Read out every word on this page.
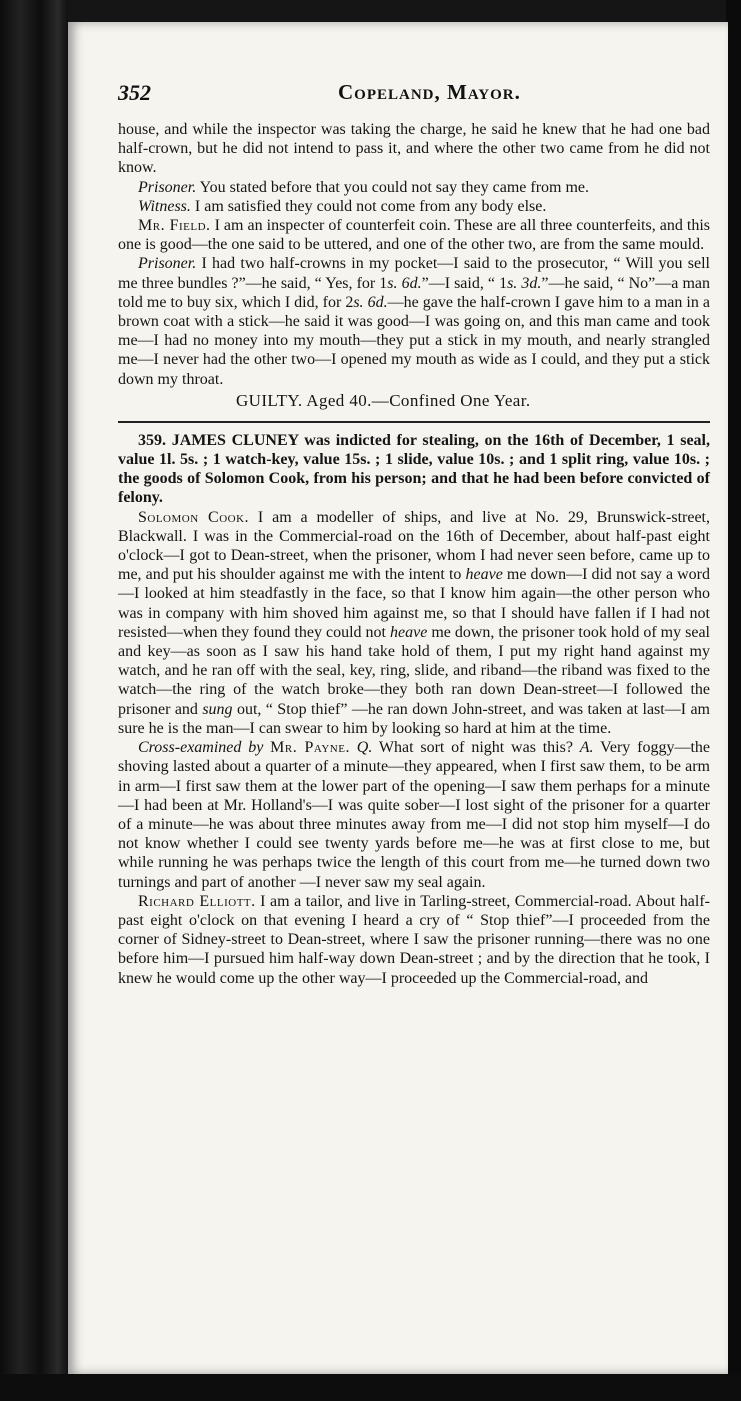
352	Copeland, Mayor.

house, and while the inspector was taking the charge, he said he knew that he had one bad half-crown, but he did not intend to pass it, and where the other two came from he did not know.

Prisoner. You stated before that you could not say they came from me.

Witness. I am satisfied they could not come from any body else.

Mr. Field. I am an inspecter of counterfeit coin. These are all three counterfeits, and this one is good—the one said to be uttered, and one of the other two, are from the same mould.

Prisoner. I had two half-crowns in my pocket—I said to the prosecutor, “ Will you sell me three bundles ?”—he said, “ Yes, for 1s. 6d.”—I said, “ 1s. 3d.”—he said, “ No”—a man told me to buy six, which I did, for 2s. 6d.—he gave the half-crown I gave him to a man in a brown coat with a stick—he said it was good—I was going on, and this man came and took me—I had no money into my mouth—they put a stick in my mouth, and nearly strangled me—I never had the other two—I opened my mouth as wide as I could, and they put a stick down my throat.

GUILTY. Aged 40.—Confined One Year.

359. JAMES CLUNEY was indicted for stealing, on the 16th of December, 1 seal, value 1l. 5s. ; 1 watch-key, value 15s. ; 1 slide, value 10s. ; and 1 split ring, value 10s. ; the goods of Solomon Cook, from his person; and that he had been before convicted of felony.

Solomon Cook. I am a modeller of ships, and live at No. 29, Brunswick-street, Blackwall. I was in the Commercial-road on the 16th of December, about half-past eight o'clock—I got to Dean-street, when the prisoner, whom I had never seen before, came up to me, and put his shoulder against me with the intent to heave me down—I did not say a word—I looked at him steadfastly in the face, so that I know him again—the other person who was in company with him shoved him against me, so that I should have fallen if I had not resisted—when they found they could not heave me down, the prisoner took hold of my seal and key—as soon as I saw his hand take hold of them, I put my right hand against my watch, and he ran off with the seal, key, ring, slide, and riband—the riband was fixed to the watch—the ring of the watch broke—they both ran down Dean-street—I followed the prisoner and sung out, “ Stop thief” —he ran down John-street, and was taken at last—I am sure he is the man—I can swear to him by looking so hard at him at the time.

Cross-examined by Mr. Payne. Q. What sort of night was this? A. Very foggy—the shoving lasted about a quarter of a minute—they appeared, when I first saw them, to be arm in arm—I first saw them at the lower part of the opening—I saw them perhaps for a minute—I had been at Mr. Holland's—I was quite sober—I lost sight of the prisoner for a quarter of a minute—he was about three minutes away from me—I did not stop him myself—I do not know whether I could see twenty yards before me—he was at first close to me, but while running he was perhaps twice the length of this court from me—he turned down two turnings and part of another —I never saw my seal again.

Richard Elliott. I am a tailor, and live in Tarling-street, Commercial-road. About half-past eight o'clock on that evening I heard a cry of “ Stop thief”—I proceeded from the corner of Sidney-street to Dean-street, where I saw the prisoner running—there was no one before him—I pursued him half-way down Dean-street ; and by the direction that he took, I knew he would come up the other way—I proceeded up the Commercial-road, and
